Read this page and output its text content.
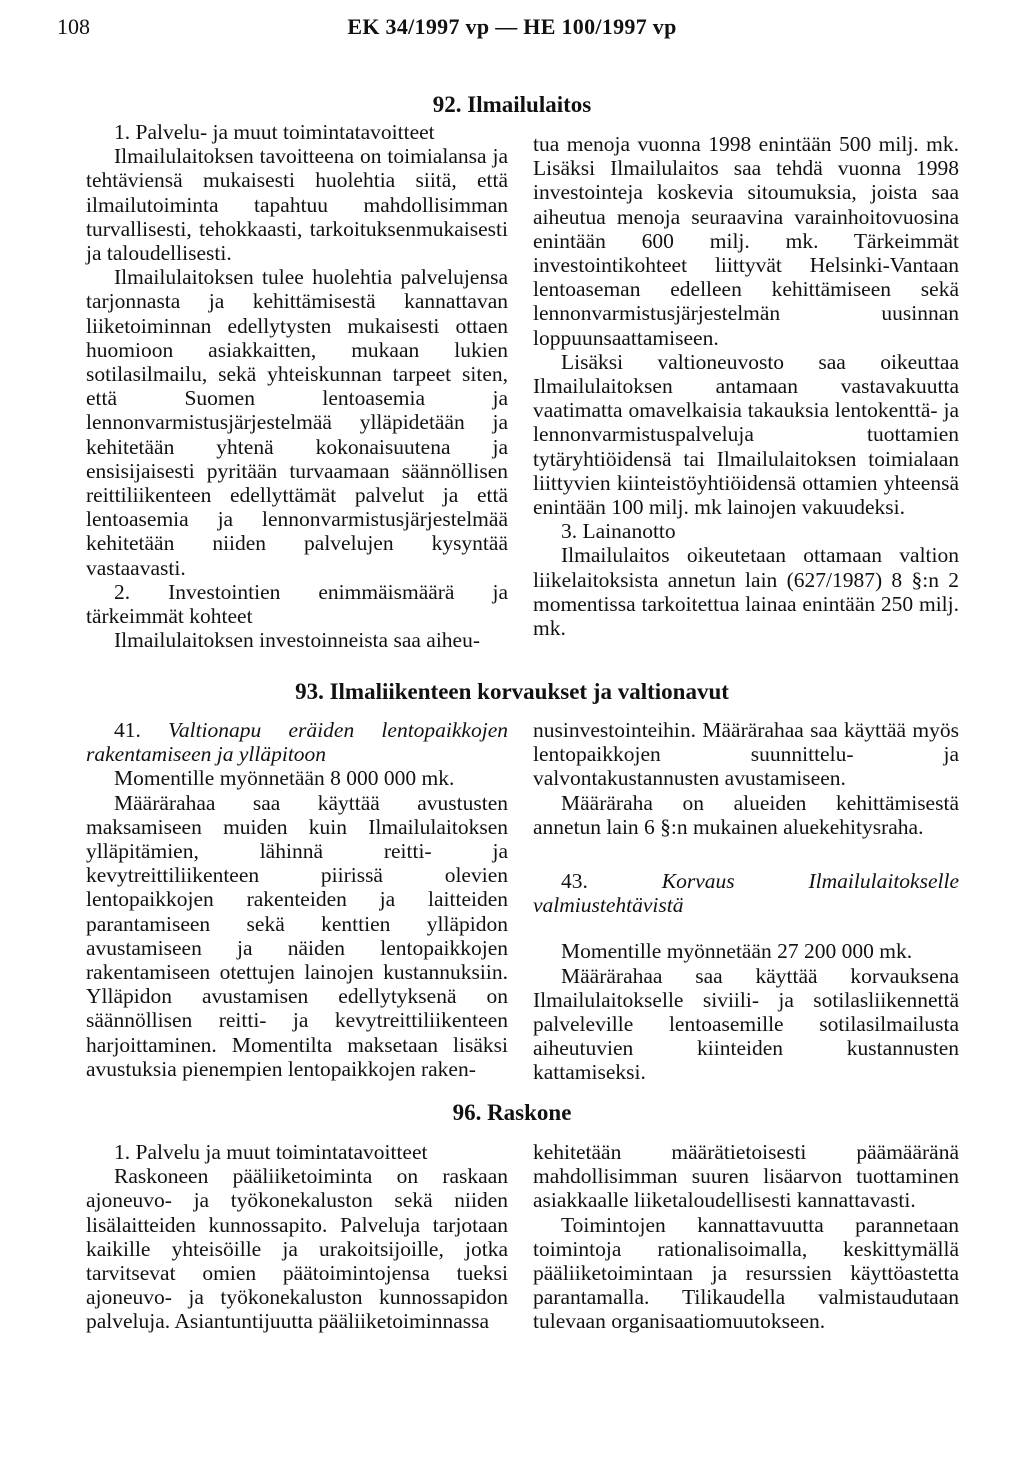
108	EK 34/1997 vp — HE 100/1997 vp
92. Ilmailulaitos

1. Palvelu- ja muut toimintatavoitteet

Ilmailulaitoksen tavoitteena on toimialansa ja tehtäviensä mukaisesti huolehtia siitä, että ilmailutoiminta tapahtuu mahdollisimman turvallisesti, tehokkaasti, tarkoituksenmukaisesti ja taloudellisesti.

Ilmailulaitoksen tulee huolehtia palvelujensa tarjonnasta ja kehittämisestä kannattavan liiketoiminnan edellytysten mukaisesti ottaen huomioon asiakkaitten, mukaan lukien sotilasilmailu, sekä yhteiskunnan tarpeet siten, että Suomen lentoasemia ja lennonvarmistusjärjestelmää ylläpidetään ja kehitetään yhtenä kokonaisuutena ja ensisijaisesti pyritään turvaamaan säännöllisen reittiliikenteen edellyttämät palvelut ja että lentoasemia ja lennonvarmistusjärjestelmää kehitetään niiden palvelujen kysyntää vastaavasti.

2. Investointien enimmäismäärä ja tärkeimmät kohteet

Ilmailulaitoksen investoinneista saa aiheu-

tua menoja vuonna 1998 enintään 500 milj. mk. Lisäksi Ilmailulaitos saa tehdä vuonna 1998 investointeja koskevia sitoumuksia, joista saa aiheutua menoja seuraavina varainhoitovuosina enintään 600 milj. mk. Tärkeimmät investointikohteet liittyvät Helsinki-Vantaan lentoaseman edelleen kehittämiseen sekä lennonvarmistusjärjestelmän uusinnan loppuunsaattamiseen.

Lisäksi valtioneuvosto saa oikeuttaa Ilmailulaitoksen antamaan vastavakuutta vaatimatta omavelkaisia takauksia lentokenttä- ja lennonvarmistuspalveluja tuottamien tytäryhtiöidensä tai Ilmailulaitoksen toimialaan liittyvien kiinteistöyhtiöidensä ottamien yhteensä enintään 100 milj. mk lainojen vakuudeksi.

3. Lainanotto

Ilmailulaitos oikeutetaan ottamaan valtion liikelaitoksista annetun lain (627/1987) 8 §:n 2 momentissa tarkoitettua lainaa enintään 250 milj. mk.

93. Ilmaliikenteen korvaukset ja valtionavut

41. Valtionapu eräiden lentopaikkojen rakentamiseen ja ylläpitoon

Momentille myönnetään 8 000 000 mk.

Määrärahaa saa käyttää avustusten maksamiseen muiden kuin Ilmailulaitoksen ylläpitämien, lähinnä reitti- ja kevytreittiliikenteen piirissä olevien lentopaikkojen rakenteiden ja laitteiden parantamiseen sekä kenttien ylläpidon avustamiseen ja näiden lentopaikkojen rakentamiseen otettujen lainojen kustannuksiin. Ylläpidon avustamisen edellytyksenä on säännöllisen reitti- ja kevytreittiliikenteen harjoittaminen. Momentilta maksetaan lisäksi avustuksia pienempien lentopaikkojen raken-

nusinvestointeihin. Määrärahaa saa käyttää myös lentopaikkojen suunnittelu- ja valvontakustannusten avustamiseen.

Määräraha on alueiden kehittämisestä annetun lain 6 §:n mukainen aluekehitysraha.

43.	Korvaus Ilmailulaitokselle valmiustehtävistä

Momentille myönnetään 27 200 000 mk.

Määrärahaa saa käyttää korvauksena Ilmailulaitokselle siviili- ja sotilasliikennettä palveleville lentoasemille sotilasilmailusta aiheutuvien kiinteiden kustannusten kattamiseksi.

96. Raskone

1. Palvelu ja muut toimintatavoitteet

Raskoneen pääliiketoiminta on raskaan ajoneuvo- ja työkonekaluston sekä niiden lisälaitteiden kunnossapito. Palveluja tarjotaan kaikille yhteisöille ja urakoitsijoille, jotka tarvitsevat omien päätoimintojensa tueksi ajoneuvo- ja työkonekaluston kunnossapidon palveluja. Asiantuntijuutta pääliiketoiminnassa

kehitetään määrätietoisesti päämääränä mahdollisimman suuren lisäarvon tuottaminen asiakkaalle liiketaloudellisesti kannattavasti.

Toimintojen kannattavuutta parannetaan toimintoja rationalisoimalla, keskittymällä pääliiketoimintaan ja resurssien käyttöastetta parantamalla. Tilikaudella valmistaudutaan tulevaan organisaatiomuutokseen.
